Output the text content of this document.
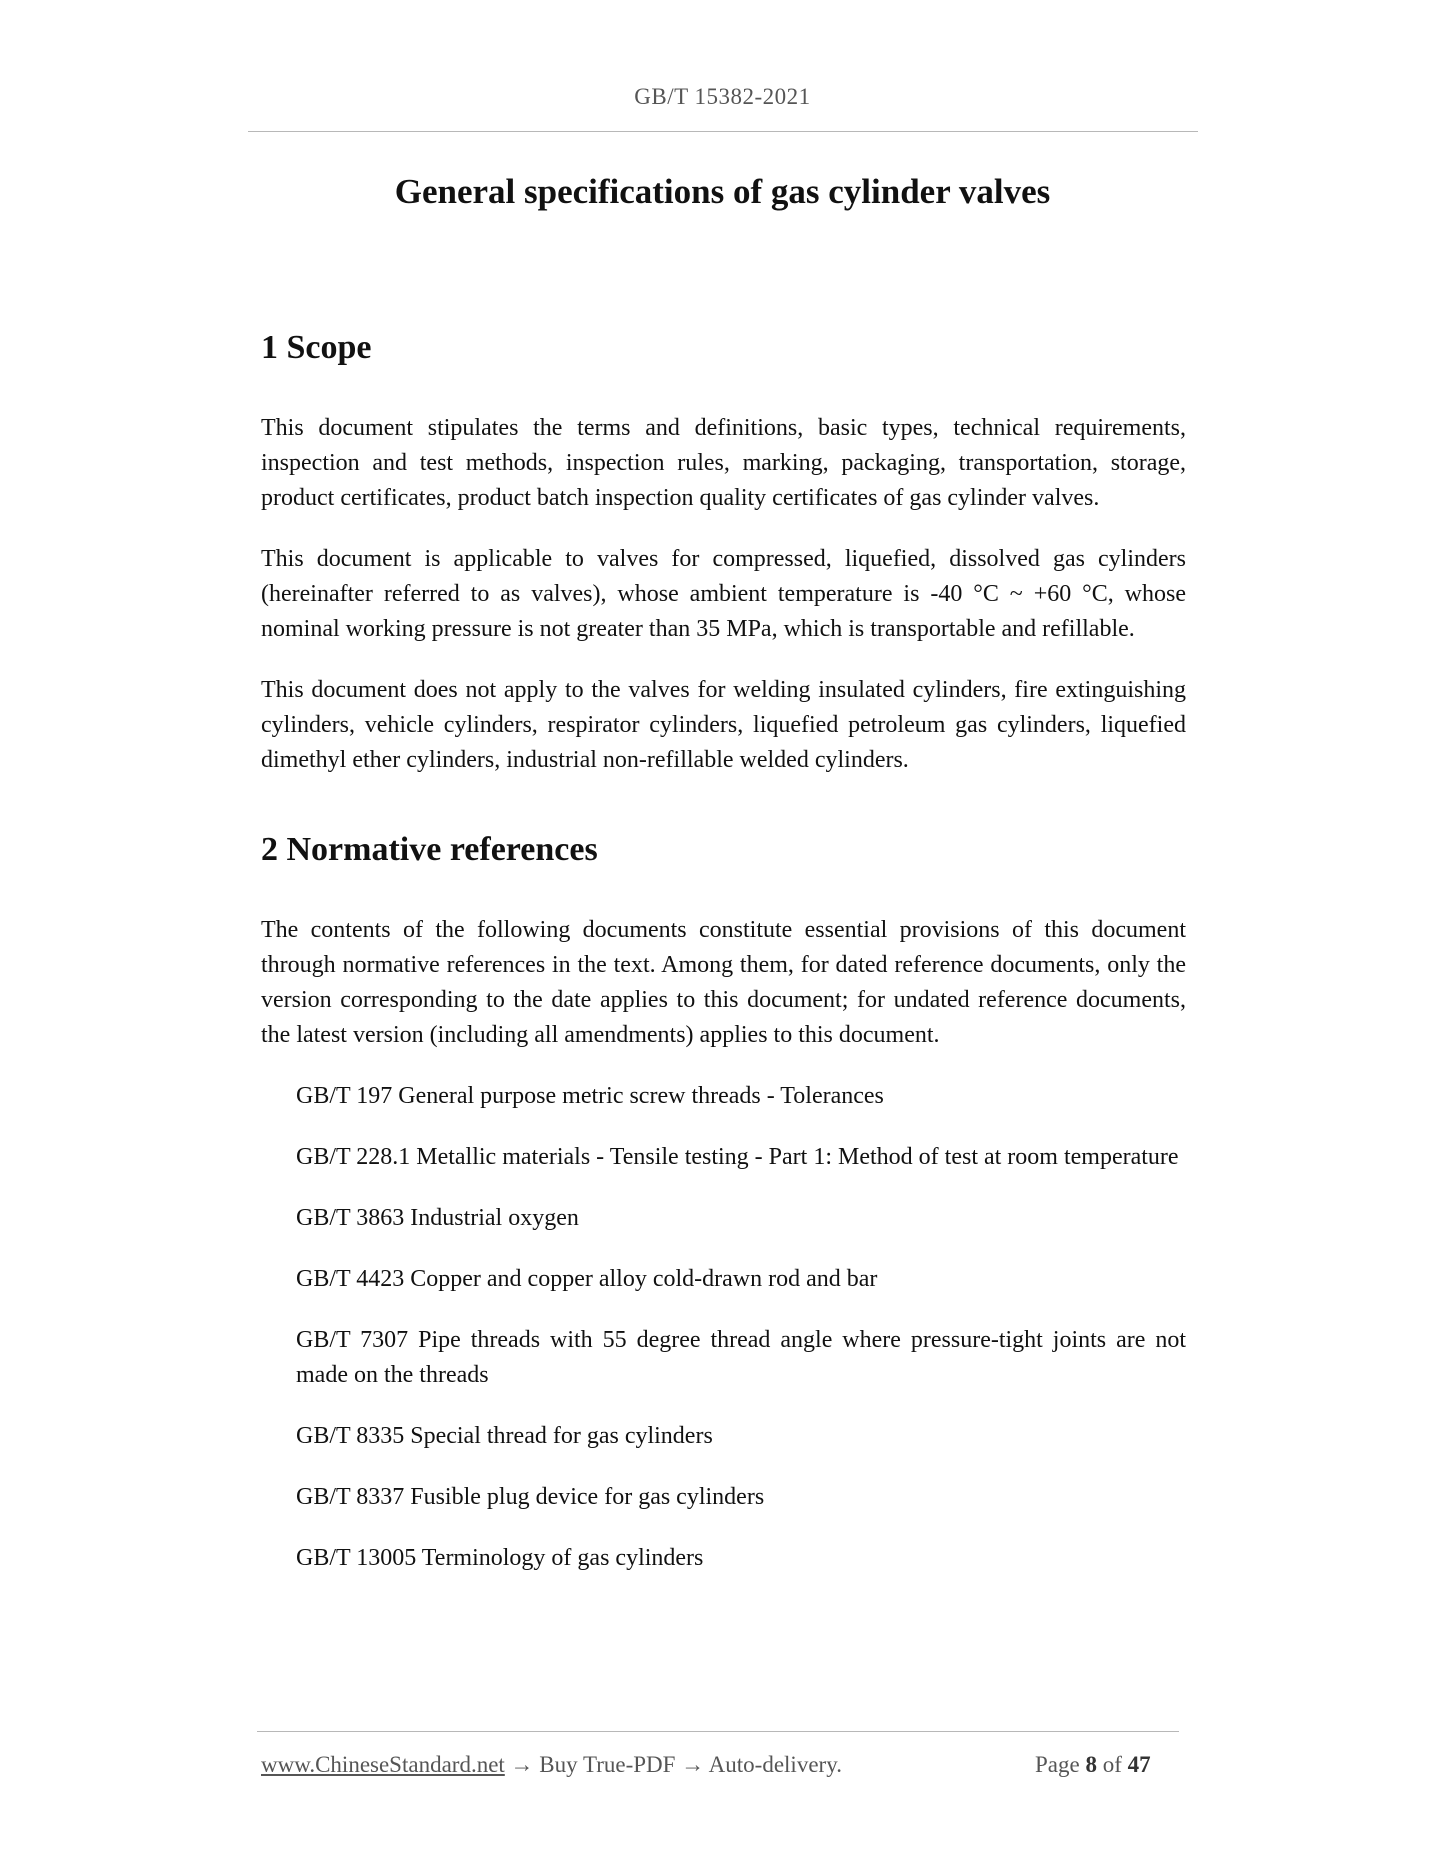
GB/T 15382-2021
General specifications of gas cylinder valves
1 Scope

This document stipulates the terms and definitions, basic types, technical requirements, inspection and test methods, inspection rules, marking, packaging, transportation, storage, product certificates, product batch inspection quality certificates of gas cylinder valves.

This document is applicable to valves for compressed, liquefied, dissolved gas cylinders (hereinafter referred to as valves), whose ambient temperature is -40 °C ~ +60 °C, whose nominal working pressure is not greater than 35 MPa, which is transportable and refillable.

This document does not apply to the valves for welding insulated cylinders, fire extinguishing cylinders, vehicle cylinders, respirator cylinders, liquefied petroleum gas cylinders, liquefied dimethyl ether cylinders, industrial non-refillable welded cylinders.

2 Normative references

The contents of the following documents constitute essential provisions of this document through normative references in the text. Among them, for dated reference documents, only the version corresponding to the date applies to this document; for undated reference documents, the latest version (including all amendments) applies to this document.

GB/T 197 General purpose metric screw threads - Tolerances

GB/T 228.1 Metallic materials - Tensile testing - Part 1: Method of test at room temperature

GB/T 3863 Industrial oxygen

GB/T 4423 Copper and copper alloy cold-drawn rod and bar

GB/T 7307 Pipe threads with 55 degree thread angle where pressure-tight joints are not made on the threads

GB/T 8335 Special thread for gas cylinders

GB/T 8337 Fusible plug device for gas cylinders

GB/T 13005 Terminology of gas cylinders

www.ChineseStandard.net → Buy True-PDF → Auto-delivery.	Page 8 of 47
